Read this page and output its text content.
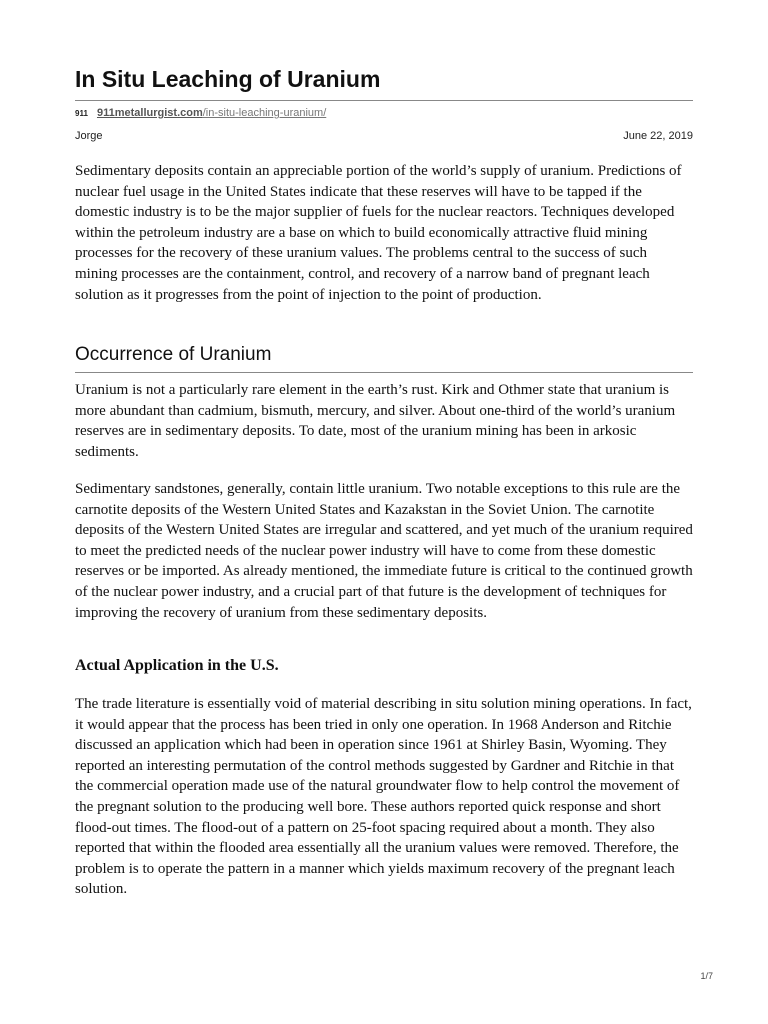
In Situ Leaching of Uranium
911 911metallurgist.com/in-situ-leaching-uranium/
Jorge	June 22, 2019

Sedimentary deposits contain an appreciable portion of the world’s supply of uranium. Predictions of nuclear fuel usage in the United States indicate that these reserves will have to be tapped if the domestic industry is to be the major supplier of fuels for the nuclear reactors. Techniques developed within the petroleum industry are a base on which to build economically attractive fluid mining processes for the recovery of these uranium values. The problems central to the success of such mining processes are the containment, control, and recovery of a narrow band of pregnant leach solution as it progresses from the point of injection to the point of production.

Occurrence of Uranium

Uranium is not a particularly rare element in the earth’s rust. Kirk and Othmer state that uranium is more abundant than cadmium, bismuth, mercury, and silver. About one-third of the world’s uranium reserves are in sedimentary deposits. To date, most of the uranium mining has been in arkosic sediments.

Sedimentary sandstones, generally, contain little uranium. Two notable exceptions to this rule are the carnotite deposits of the Western United States and Kazakstan in the Soviet Union. The carnotite deposits of the Western United States are irregular and scattered, and yet much of the uranium required to meet the predicted needs of the nuclear power industry will have to come from these domestic reserves or be imported. As already mentioned, the immediate future is critical to the continued growth of the nuclear power industry, and a crucial part of that future is the development of techniques for improving the recovery of uranium from these sedimentary deposits.

Actual Application in the U.S.

The trade literature is essentially void of material describing in situ solution mining operations. In fact, it would appear that the process has been tried in only one operation. In 1968 Anderson and Ritchie discussed an application which had been in operation since 1961 at Shirley Basin, Wyoming. They reported an interesting permutation of the control methods suggested by Gardner and Ritchie in that the commercial operation made use of the natural groundwater flow to help control the movement of the pregnant solution to the producing well bore. These authors reported quick response and short flood-out times. The flood-out of a pattern on 25-foot spacing required about a month. They also reported that within the flooded area essentially all the uranium values were removed. Therefore, the problem is to operate the pattern in a manner which yields maximum recovery of the pregnant leach solution.

1/7
